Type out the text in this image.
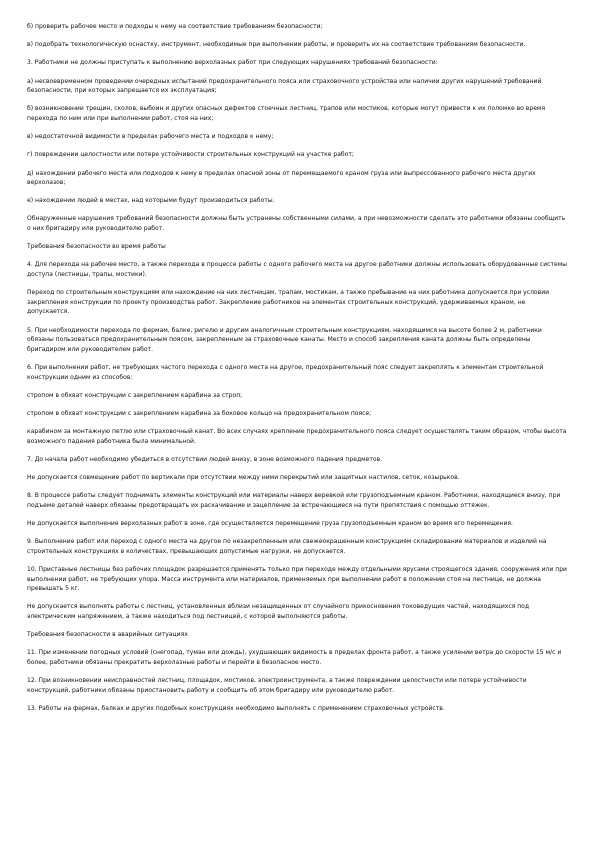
б) проверить рабочее место и подходы к нему на соответствие требованиям безопасности;

в) подобрать технологическую оснастку, инструмент, необходимые при выполнении работы, и проверить их на соответствие требованиям безопасности.

3. Работники не должны приступать к выполнению верхолазных работ при следующих нарушениях требований безопасности:

а) несвоевременном проведении очередных испытаний предохранительного пояса или страховочного устройства или наличии других нарушений требований безопасности, при которых запрещается их эксплуатация;

б) возникновении трещин, сколов, выбоин и других опасных дефектов стоечных лестниц, трапов или мостиков, которые могут привести к их поломке во время перехода по ним или при выполнении работ, стоя на них;

в) недостаточной видимости в пределах рабочего места и подходов к нему;

г) повреждении целостности или потере устойчивости строительных конструкций на участке работ;

д) нахождении рабочего места или подходов к нему в пределах опасной зоны от перемещаемого краном груза или выпрессованного рабочего места других верхолазов;

е) нахождении людей в местах, над которыми будут производиться работы.

Обнаруженные нарушения требований безопасности должны быть устранены собственными силами, а при невозможности сделать это работники обязаны сообщить о них бригадиру или руководителю работ.

Требования безопасности во время работы

4. Для перехода на рабочее место, а также перехода в процессе работы с одного рабочего места на другое работники должны использовать оборудованные системы доступа (лестницы, трапы, мостики).

Переход по строительным конструкциям или нахождение на них лестницам, трапам, мостикам, а также пребывание на них работника допускается при условии закрепления конструкции по проекту производства работ. Закрепление работников на элементах строительных конструкций, удерживаемых краном, не допускается.

5. При необходимости перехода по фермам, балке, ригелю и другим аналогичным строительным конструкциям, находящимся на высоте более 2 м, работники обязаны пользоваться предохранительным поясом, закрепленным за страховочные канаты. Место и способ закрепления каната должны быть определены бригадиром или руководителем работ.

6. При выполнении работ, не требующих частого перехода с одного места на другое, предохранительный пояс следует закреплять к элементам строительной конструкции одним из способов:

стропом в обхват конструкции с закреплением карабина за строп;

стропом в обхват конструкции с закреплением карабина за боковое кольцо на предохранительном поясе;

карабином за монтажную петлю или страховочный канат. Во всех случаях крепление предохранительного пояса следует осуществлять таким образом, чтобы высота возможного падения работника была минимальной.

7. До начала работ необходимо убедиться в отсутствии людей внизу, в зоне возможного падения предметов.

Не допускается совмещение работ по вертикали при отсутствии между ними перекрытий или защитных настилов, сеток, козырьков.

8. В процессе работы следует поднимать элементы конструкций или материалы наверх веревкой или грузоподъемным краном. Работники, находящиеся внизу, при подъеме деталей наверх обязаны предотвращать их раскачивание и зацепление за встречающиеся на пути препятствия с помощью оттяжек.

Не допускается выполнение верхолазных работ в зоне, где осуществляется перемещение груза грузоподъемным краном во время его перемещения.

9. Выполнение работ или переход с одного места на другое по незакрепленным или свежеокрашенным конструкциям складирование материалов и изделий на строительных конструкциях в количествах, превышающих допустимые нагрузки, не допускается.

10. Приставные лестницы без рабочих площадок разрешается применять только при переходе между отдельными ярусами строящегося здания, сооружения или при выполнении работ, не требующих упора. Масса инструмента или материалов, применяемых при выполнении работ в положении стоя на лестнице, не должна превышать 5 кг.

Не допускается выполнять работы с лестниц, установленных вблизи незащищенных от случайного прикосновения токоведущих частей, находящихся под электрическим напряжением, а также находиться под лестницей, с которой выполняются работы.

Требования безопасности в аварийных ситуациях

11. При изменении погодных условий (снегопад, туман или дождь), ухудшающих видимость в пределах фронта работ, а также усилении ветра до скорости 15 м/с и более, работники обязаны прекратить верхолазные работы и перейти в безопасное место.

12. При возникновении неисправностей лестниц, площадок, мостиков, электроинструмента, а также повреждении целостности или потере устойчивости конструкций, работники обязаны приостановить работу и сообщить об этом бригадиру или руководителю работ.

13. Работы на фермах, балках и других подобных конструкциях необходимо выполнять с применением страховочных устройств.
